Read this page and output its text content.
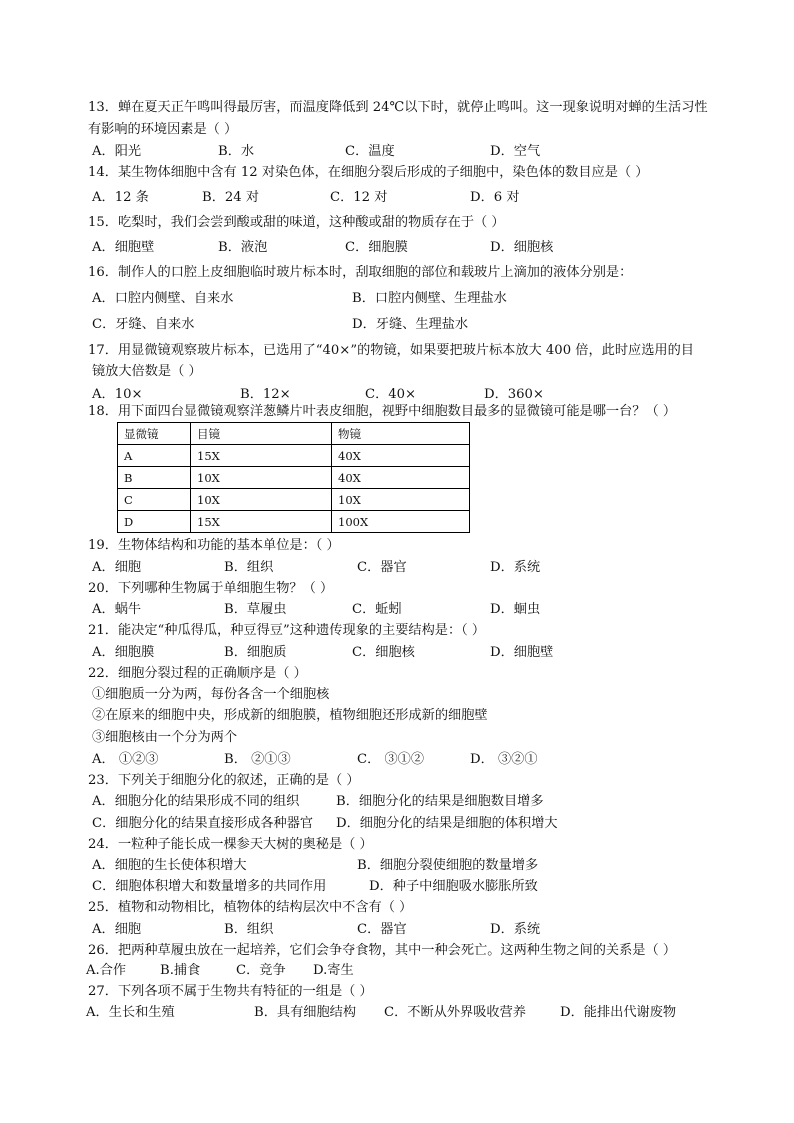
13．蝉在夏天正午鸣叫得最厉害，而温度降低到 24℃以下时，就停止鸣叫。这一现象说明对蝉的生活习性
有影响的环境因素是（ ）
A．阳光	B．水	C．温度	D．空气
14．某生物体细胞中含有 12 对染色体，在细胞分裂后形成的子细胞中，染色体的数目应是（ ）
A．12 条	B．24 对	C．12 对	D．6 对
15．吃梨时，我们会尝到酸或甜的味道，这种酸或甜的物质存在于（ ）
A．细胞壁	B．液泡	C．细胞膜	D．细胞核
16．制作人的口腔上皮细胞临时玻片标本时，刮取细胞的部位和载玻片上滴加的液体分别是：
A．口腔内侧壁、自来水	B．口腔内侧壁、生理盐水
C．牙缝、自来水	D．牙缝、生理盐水
17．用显微镜观察玻片标本，已选用了“40×”的物镜，如果要把玻片标本放大 400 倍，此时应选用的目
镜放大倍数是（ ）
A．10×	B．12×	C．40×	D．360×
18．用下面四台显微镜观察洋葱鳞片叶表皮细胞，视野中细胞数目最多的显微镜可能是哪一台？（ ）
显微镜	目镜	物镜
A	15X	40X
B	10X	40X
C	10X	10X
D	15X	100X
19．生物体结构和功能的基本单位是：（ ）
A．细胞	B．组织	C．器官	D．系统
20．下列哪种生物属于单细胞生物？（ ）
A．蜗牛	B．草履虫	C．蚯蚓	D．蛔虫
21．能决定“种瓜得瓜，种豆得豆”这种遗传现象的主要结构是：（ ）
A．细胞膜	B．细胞质	C．细胞核	D．细胞壁
22．细胞分裂过程的正确顺序是（ ）
①细胞质一分为两，每份各含一个细胞核
②在原来的细胞中央，形成新的细胞膜，植物细胞还形成新的细胞壁
③细胞核由一个分为两个
A． ①②③	B． ②①③	C． ③①②	D． ③②①
23．下列关于细胞分化的叙述，正确的是（ ）
A．细胞分化的结果形成不同的组织	B．细胞分化的结果是细胞数目增多
C．细胞分化的结果直接形成各种器官 D．细胞分化的结果是细胞的体积增大
24．一粒种子能长成一棵参天大树的奥秘是（ ）
A．细胞的生长使体积增大	B．细胞分裂使细胞的数量增多
C．细胞体积增大和数量增多的共同作用	D．种子中细胞吸水膨胀所致
25．植物和动物相比，植物体的结构层次中不含有（ ）
A．细胞	B．组织	C．器官	D．系统
26．把两种草履虫放在一起培养，它们会争夺食物，其中一种会死亡。这两种生物之间的关系是（ ）
A.合作	B.捕食	C．竞争 D.寄生
27．下列各项不属于生物共有特征的一组是（ ）
A．生长和生殖	B．具有细胞结构 C．不断从外界吸收营养	D．能排出代谢废物
